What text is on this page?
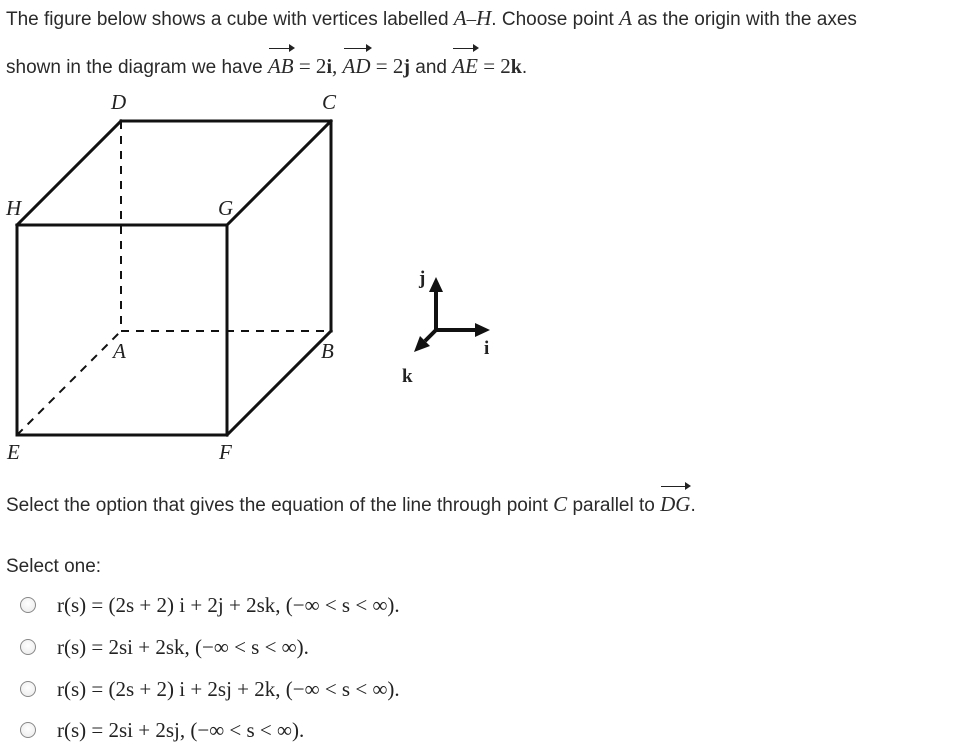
The figure below shows a cube with vertices labelled A–H. Choose point A as the origin with the axes
shown in the diagram we have AB = 2i, AD = 2j and AE = 2k.
D	C
H	G
A	B
E	F
j
i
k
Select the option that gives the equation of the line through point C parallel to DG.
Select one:
r(s) = (2s + 2) i + 2j + 2sk, (−∞ < s < ∞).
r(s) = 2si + 2sk, (−∞ < s < ∞).
r(s) = (2s + 2) i + 2sj + 2k, (−∞ < s < ∞).
r(s) = 2si + 2sj, (−∞ < s < ∞).
